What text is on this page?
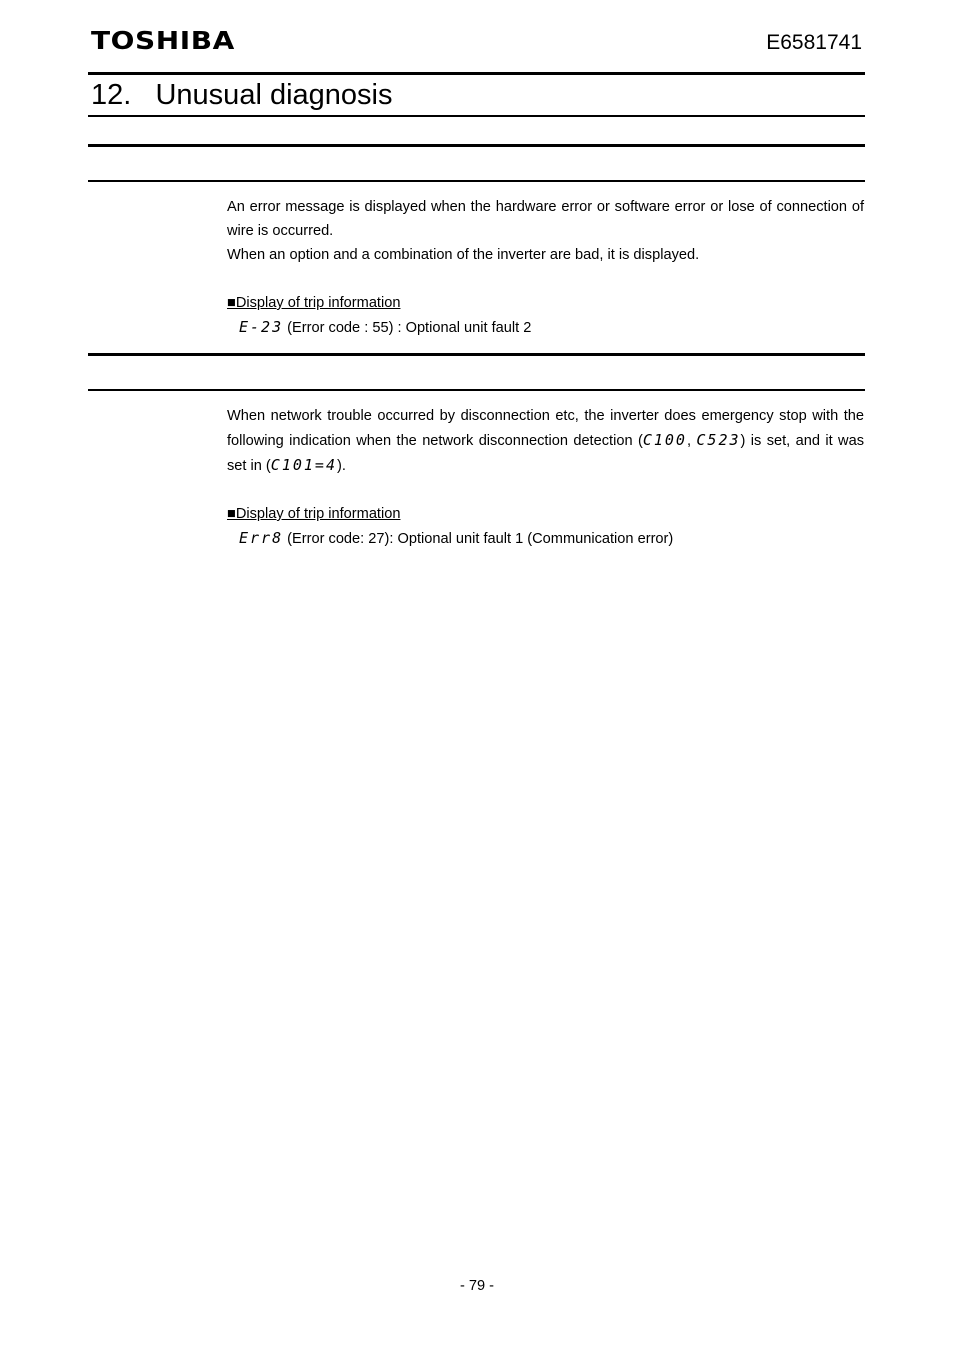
TOSHIBA	E6581741
12.   Unusual diagnosis

An error message is displayed when the hardware error or software error or lose of connection of wire is occurred.

When an option and a combination of the inverter are bad, it is displayed.

■Display of trip information

E-23 (Error code : 55) : Optional unit fault 2

When network trouble occurred by disconnection etc, the inverter does emergency stop with the following indication when the network disconnection detection (C100, C523) is set, and it was set in (C101=4).

■Display of trip information

Err8 (Error code: 27): Optional unit fault 1 (Communication error)

- 79 -
